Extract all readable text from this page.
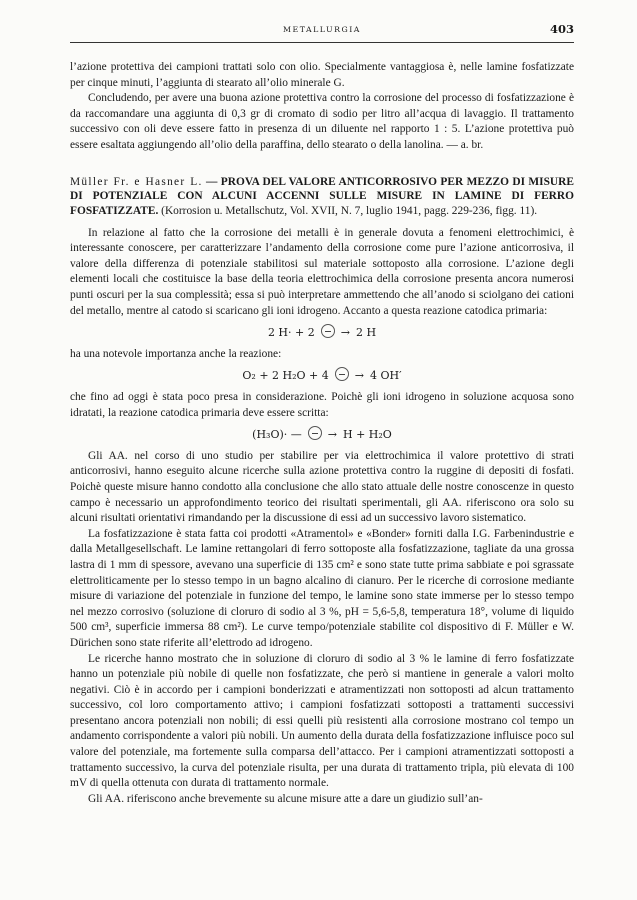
METALLURGIA	403

l’azione protettiva dei campioni trattati solo con olio. Specialmente vantaggiosa è, nelle lamine fosfatizzate per cinque minuti, l’aggiunta di stearato all’olio minerale G.

Concludendo, per avere una buona azione protettiva contro la corrosione del processo di fosfatizzazione è da raccomandare una aggiunta di 0,3 gr di cromato di sodio per litro all’acqua di lavaggio. Il trattamento successivo con oli deve essere fatto in presenza di un diluente nel rapporto 1 : 5. L’azione protettiva può essere esaltata aggiungendo all’olio della paraffina, dello stearato o della lanolina. — a. br.

Müller Fr. e Hasner L. — PROVA DEL VALORE ANTICORROSIVO PER MEZZO DI MISURE DI POTENZIALE CON ALCUNI ACCENNI SULLE MISURE IN LAMINE DI FERRO FOSFATIZZATE. (Korrosion u. Metallschutz, Vol. XVII, N. 7, luglio 1941, pagg. 229-236, figg. 11).

In relazione al fatto che la corrosione dei metalli è in generale dovuta a fenomeni elettrochimici, è interessante conoscere, per caratterizzare l’andamento della corrosione come pure l’azione anticorrosiva, il valore della differenza di potenziale stabilitosi sul materiale sottoposto alla corrosione. L’azione degli elementi locali che costituisce la base della teoria elettrochimica della corrosione presenta ancora numerosi punti oscuri per la sua complessità; essa si può interpretare ammettendo che all’anodo si sciolgano dei cationi del metallo, mentre al catodo si scaricano gli ioni idrogeno. Accanto a questa reazione catodica primaria:

2 H· + 2 → 2 H

ha una notevole importanza anche la reazione:

O₂ + 2 H₂O + 4 → 4 OH′

che fino ad oggi è stata poco presa in considerazione. Poichè gli ioni idrogeno in soluzione acquosa sono idratati, la reazione catodica primaria deve essere scritta:

(H₃O)· — → H + H₂O

Gli AA. nel corso di uno studio per stabilire per via elettrochimica il valore protettivo di strati anticorrosivi, hanno eseguito alcune ricerche sulla azione protettiva contro la ruggine di depositi di fosfati. Poichè queste misure hanno condotto alla conclusione che allo stato attuale delle nostre conoscenze in questo campo è necessario un approfondimento teorico dei risultati sperimentali, gli AA. riferiscono ora solo su alcuni risultati orientativi rimandando per la discussione di essi ad un successivo lavoro sistematico.

La fosfatizzazione è stata fatta coi prodotti «Atramentol» e «Bonder» forniti dalla I.G. Farbenindustrie e dalla Metallgesellschaft. Le lamine rettangolari di ferro sottoposte alla fosfatizzazione, tagliate da una grossa lastra di 1 mm di spessore, avevano una superficie di 135 cm² e sono state tutte prima sabbiate e poi sgrassate elettroliticamente per lo stesso tempo in un bagno alcalino di cianuro. Per le ricerche di corrosione mediante misure di variazione del potenziale in funzione del tempo, le lamine sono state immerse per lo stesso tempo nel mezzo corrosivo (soluzione di cloruro di sodio al 3 %, pH = 5,6-5,8, temperatura 18°, volume di liquido 500 cm³, superficie immersa 88 cm²). Le curve tempo/potenziale stabilite col dispositivo di F. Müller e W. Dürichen sono state riferite all’elettrodo ad idrogeno.

Le ricerche hanno mostrato che in soluzione di cloruro di sodio al 3 % le lamine di ferro fosfatizzate hanno un potenziale più nobile di quelle non fosfatizzate, che però si mantiene in generale a valori molto negativi. Ciò è in accordo per i campioni bonderizzati e atramentizzati non sottoposti ad alcun trattamento successivo, col loro comportamento attivo; i campioni fosfatizzati sottoposti a trattamenti successivi presentano ancora potenziali non nobili; di essi quelli più resistenti alla corrosione mostrano col tempo un andamento corrispondente a valori più nobili. Un aumento della durata della fosfatizzazione influisce poco sul valore del potenziale, ma fortemente sulla comparsa dell’attacco. Per i campioni atramentizzati sottoposti a trattamento successivo, la curva del potenziale risulta, per una durata di trattamento tripla, più elevata di 100 mV di quella ottenuta con durata di trattamento normale.

Gli AA. riferiscono anche brevemente su alcune misure atte a dare un giudizio sull’an-
